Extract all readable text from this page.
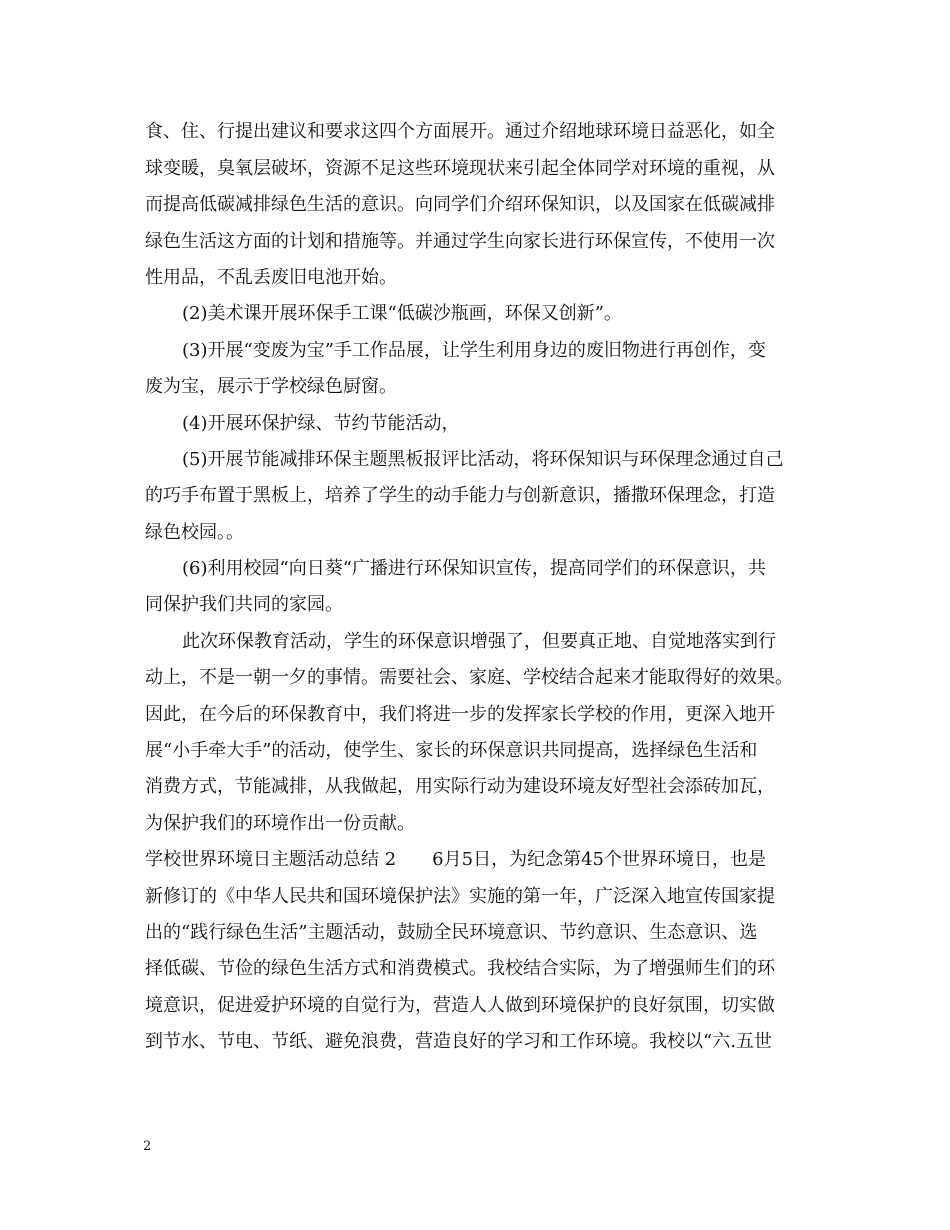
食、住、行提出建议和要求这四个方面展开。通过介绍地球环境日益恶化，如全
球变暖，臭氧层破坏，资源不足这些环境现状来引起全体同学对环境的重视，从
而提高低碳减排绿色生活的意识。向同学们介绍环保知识，以及国家在低碳减排
绿色生活这方面的计划和措施等。并通过学生向家长进行环保宣传，不使用一次
性用品，不乱丢废旧电池开始。
(2)美术课开展环保手工课“低碳沙瓶画，环保又创新”。
(3)开展“变废为宝”手工作品展，让学生利用身边的废旧物进行再创作，变
废为宝，展示于学校绿色厨窗。
(4)开展环保护绿、节约节能活动，
(5)开展节能减排环保主题黑板报评比活动，将环保知识与环保理念通过自己
的巧手布置于黑板上，培养了学生的动手能力与创新意识，播撒环保理念，打造
绿色校园。。
(6)利用校园“向日葵“广播进行环保知识宣传，提高同学们的环保意识，共
同保护我们共同的家园。
此次环保教育活动，学生的环保意识增强了，但要真正地、自觉地落实到行
动上，不是一朝一夕的事情。需要社会、家庭、学校结合起来才能取得好的效果。
因此，在今后的环保教育中，我们将进一步的发挥家长学校的作用，更深入地开
展“小手牵大手”的活动，使学生、家长的环保意识共同提高，选择绿色生活和
消费方式，节能减排，从我做起，用实际行动为建设环境友好型社会添砖加瓦，
为保护我们的环境作出一份贡献。
学校世界环境日主题活动总结 2　　6月5日，为纪念第45个世界环境日，也是
新修订的《中华人民共和国环境保护法》实施的第一年，广泛深入地宣传国家提
出的“践行绿色生活”主题活动，鼓励全民环境意识、节约意识、生态意识、选
择低碳、节俭的绿色生活方式和消费模式。我校结合实际，为了增强师生们的环
境意识，促进爱护环境的自觉行为，营造人人做到环境保护的良好氛围，切实做
到节水、节电、节纸、避免浪费，营造良好的学习和工作环境。我校以“六.五世
2
